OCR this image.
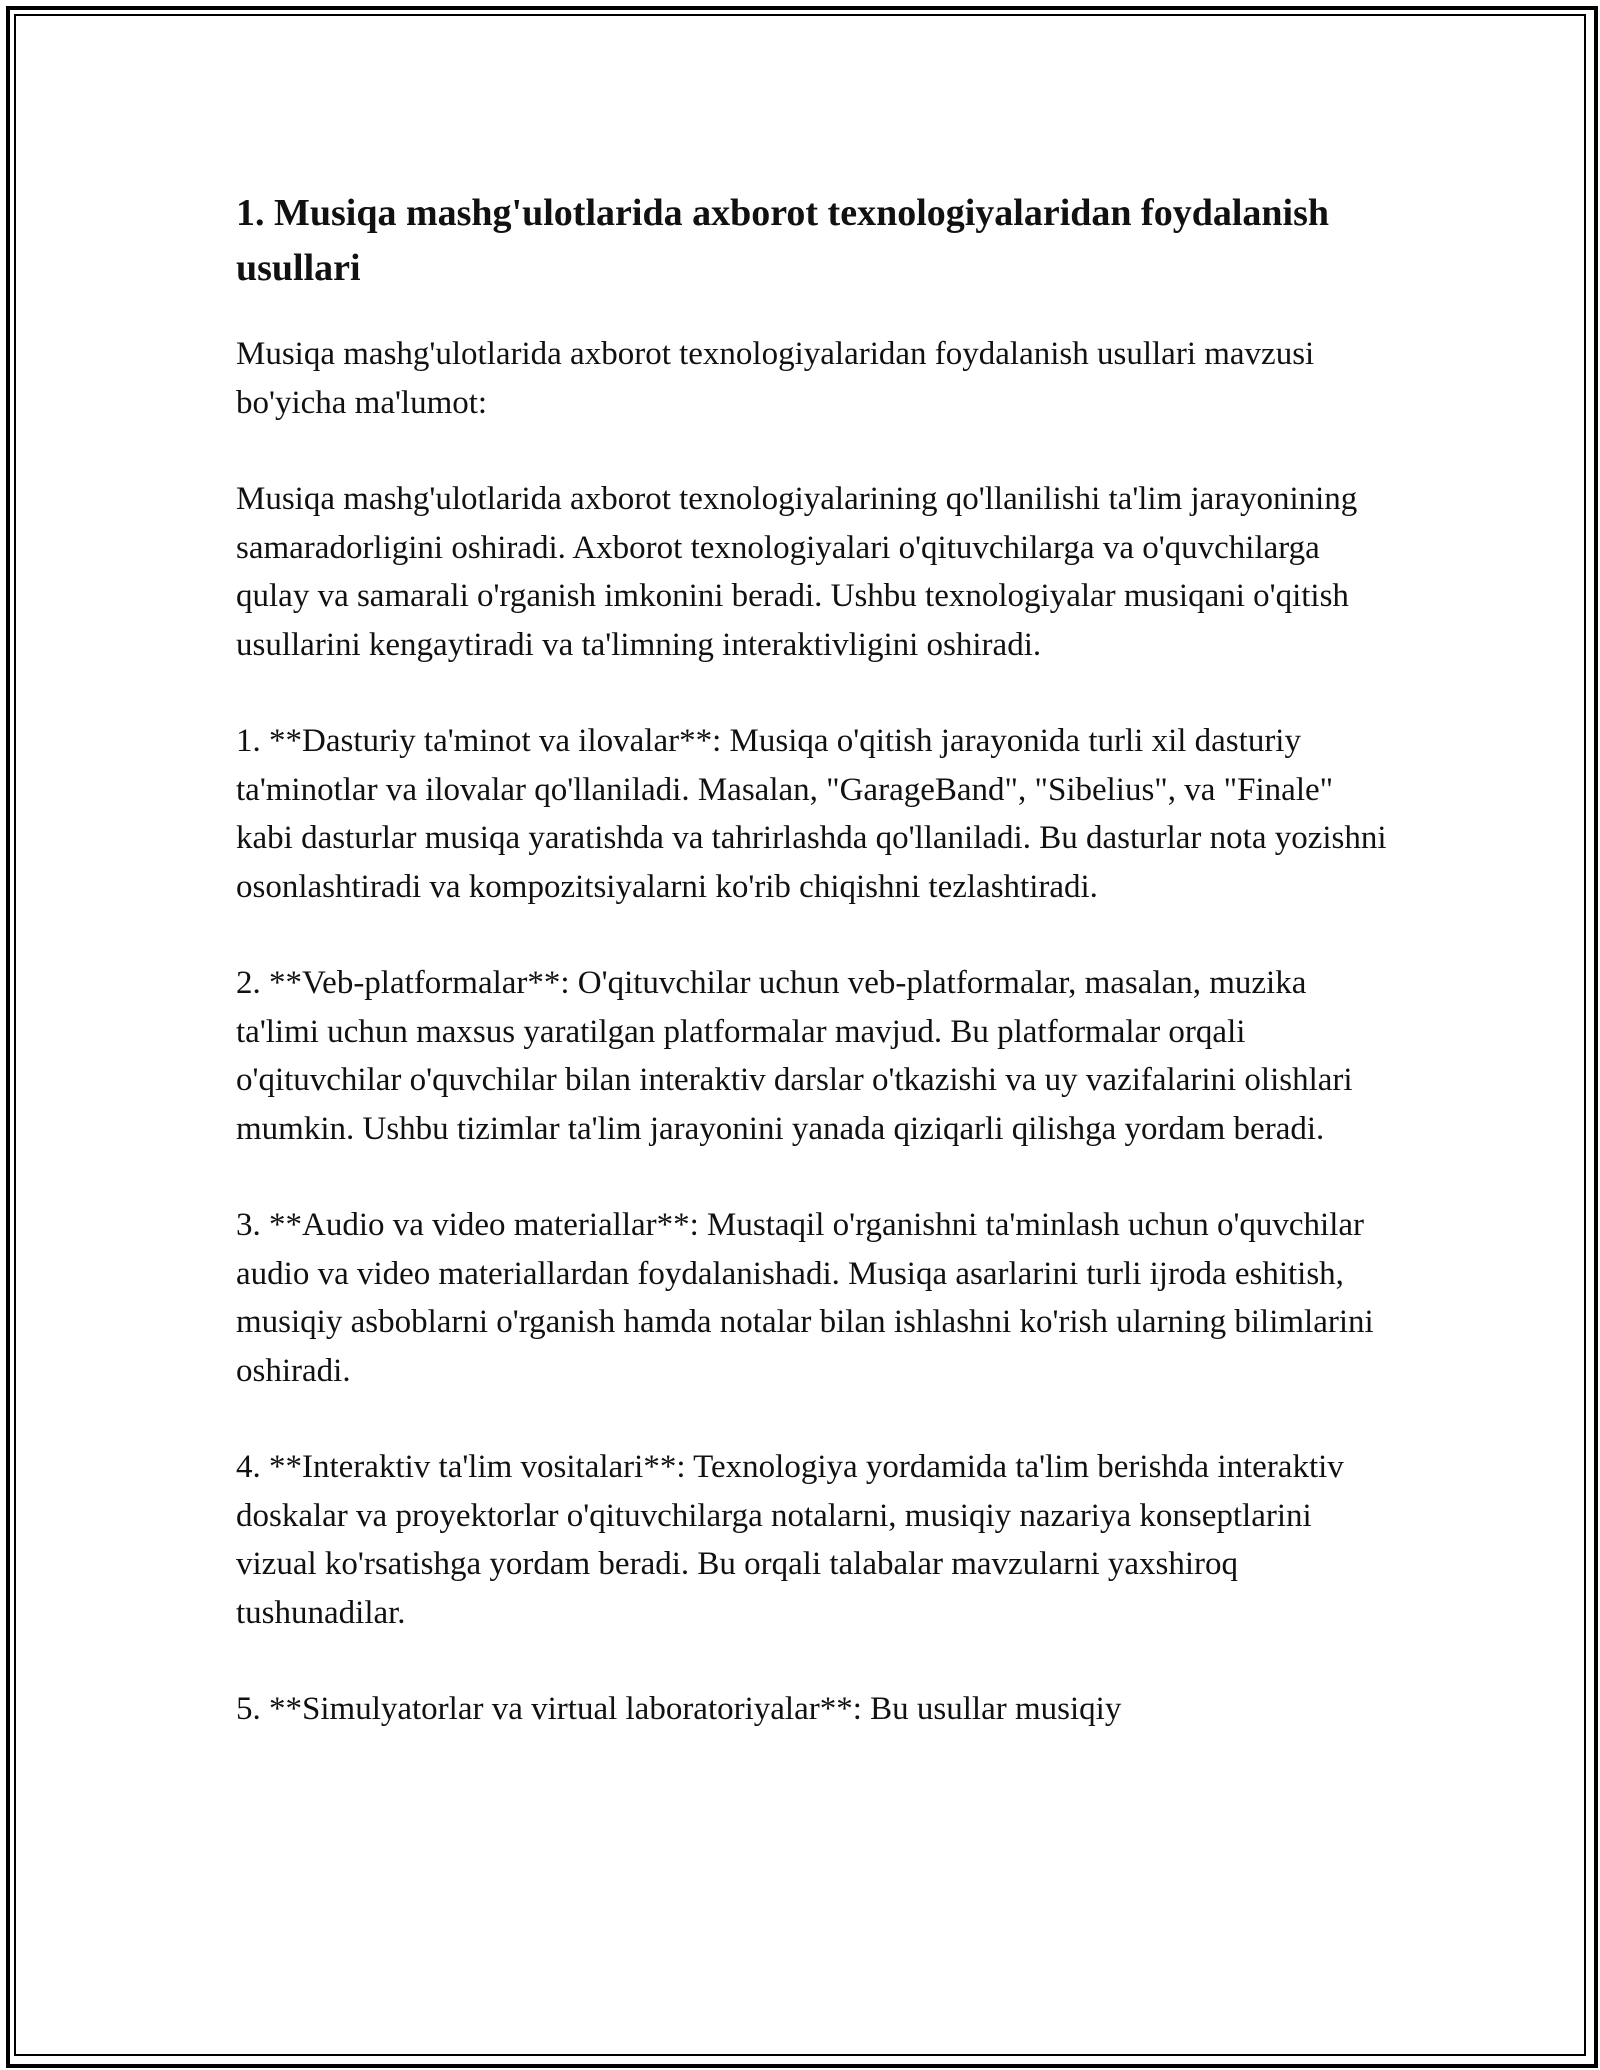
1. Musiqa mashg'ulotlarida axborot texnologiyalaridan foydalanish usullari

Musiqa mashg'ulotlarida axborot texnologiyalaridan foydalanish usullari mavzusi bo'yicha ma'lumot:

Musiqa mashg'ulotlarida axborot texnologiyalarining qo'llanilishi ta'lim jarayonining samaradorligini oshiradi. Axborot texnologiyalari o'qituvchilarga va o'quvchilarga qulay va samarali o'rganish imkonini beradi. Ushbu texnologiyalar musiqani o'qitish usullarini kengaytiradi va ta'limning interaktivligini oshiradi.

1. **Dasturiy ta'minot va ilovalar**: Musiqa o'qitish jarayonida turli xil dasturiy ta'minotlar va ilovalar qo'llaniladi. Masalan, "GarageBand", "Sibelius", va "Finale" kabi dasturlar musiqa yaratishda va tahrirlashda qo'llaniladi. Bu dasturlar nota yozishni osonlashtiradi va kompozitsiyalarni ko'rib chiqishni tezlashtiradi.

2. **Veb-platformalar**: O'qituvchilar uchun veb-platformalar, masalan, muzika ta'limi uchun maxsus yaratilgan platformalar mavjud. Bu platformalar orqali o'qituvchilar o'quvchilar bilan interaktiv darslar o'tkazishi va uy vazifalarini olishlari mumkin. Ushbu tizimlar ta'lim jarayonini yanada qiziqarli qilishga yordam beradi.

3. **Audio va video materiallar**: Mustaqil o'rganishni ta'minlash uchun o'quvchilar audio va video materiallardan foydalanishadi. Musiqa asarlarini turli ijroda eshitish, musiqiy asboblarni o'rganish hamda notalar bilan ishlashni ko'rish ularning bilimlarini oshiradi.

4. **Interaktiv ta'lim vositalari**: Texnologiya yordamida ta'lim berishda interaktiv doskalar va proyektorlar o'qituvchilarga notalarni, musiqiy nazariya konseptlarini vizual ko'rsatishga yordam beradi. Bu orqali talabalar mavzularni yaxshiroq tushunadilar.

5. **Simulyatorlar va virtual laboratoriyalar**: Bu usullar musiqiy
